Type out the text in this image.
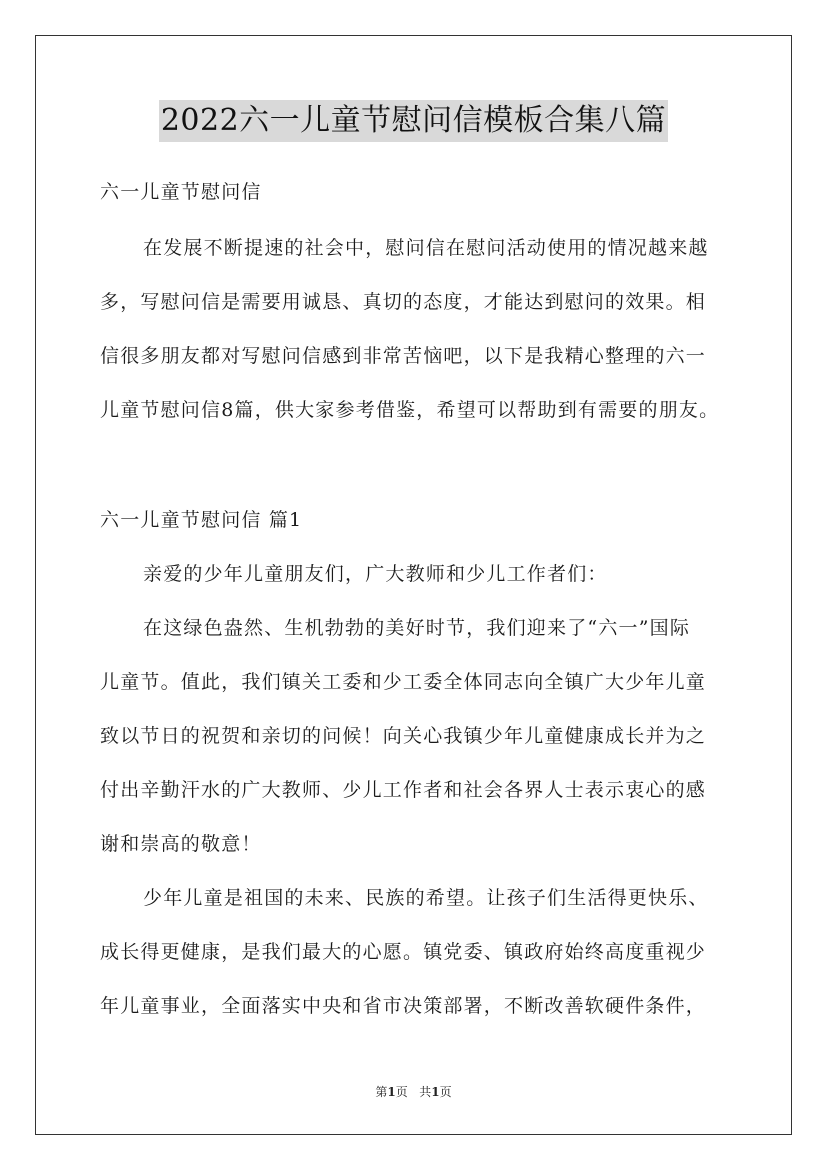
2022六一儿童节慰问信模板合集八篇
六一儿童节慰问信
在发展不断提速的社会中，慰问信在慰问活动使用的情况越来越
多，写慰问信是需要用诚恳、真切的态度，才能达到慰问的效果。相
信很多朋友都对写慰问信感到非常苦恼吧，以下是我精心整理的六一
儿童节慰问信8篇，供大家参考借鉴，希望可以帮助到有需要的朋友。
六一儿童节慰问信 篇1
亲爱的少年儿童朋友们，广大教师和少儿工作者们：
在这绿色盎然、生机勃勃的美好时节，我们迎来了“六一”国际
儿童节。值此，我们镇关工委和少工委全体同志向全镇广大少年儿童
致以节日的祝贺和亲切的问候！向关心我镇少年儿童健康成长并为之
付出辛勤汗水的广大教师、少儿工作者和社会各界人士表示衷心的感
谢和崇高的敬意！
少年儿童是祖国的未来、民族的希望。让孩子们生活得更快乐、
成长得更健康，是我们最大的心愿。镇党委、镇政府始终高度重视少
年儿童事业，全面落实中央和省市决策部署，不断改善软硬件条件，
第1页 共1页
